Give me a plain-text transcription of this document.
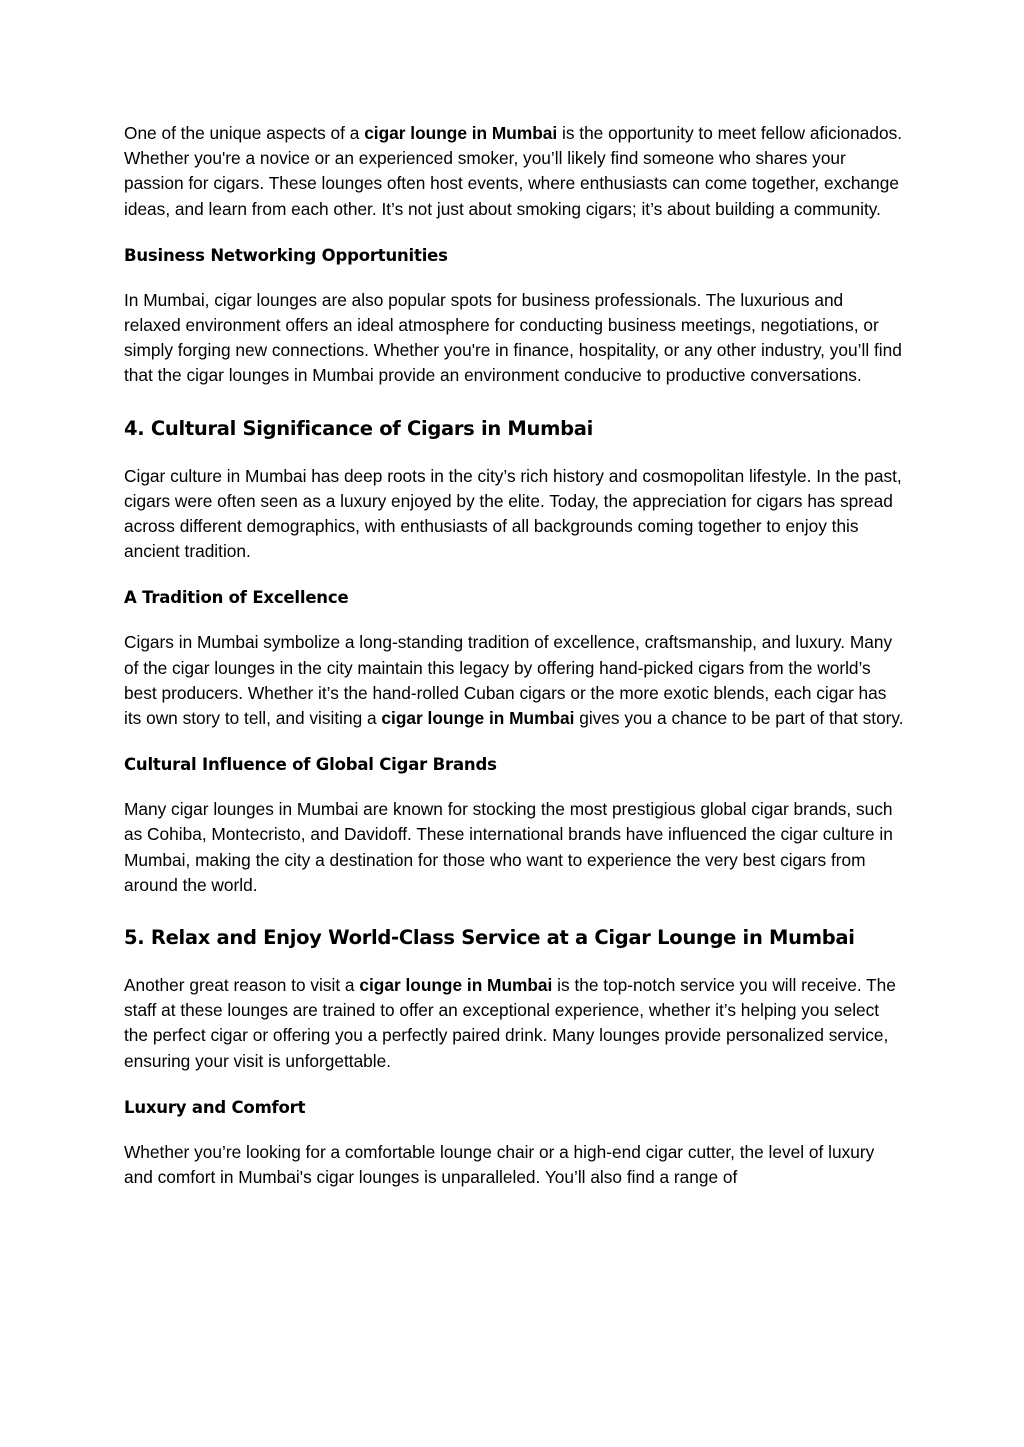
One of the unique aspects of a cigar lounge in Mumbai is the opportunity to meet fellow aficionados. Whether you're a novice or an experienced smoker, you’ll likely find someone who shares your passion for cigars. These lounges often host events, where enthusiasts can come together, exchange ideas, and learn from each other. It’s not just about smoking cigars; it’s about building a community.

Business Networking Opportunities

In Mumbai, cigar lounges are also popular spots for business professionals. The luxurious and relaxed environment offers an ideal atmosphere for conducting business meetings, negotiations, or simply forging new connections. Whether you're in finance, hospitality, or any other industry, you’ll find that the cigar lounges in Mumbai provide an environment conducive to productive conversations.

4. Cultural Significance of Cigars in Mumbai

Cigar culture in Mumbai has deep roots in the city’s rich history and cosmopolitan lifestyle. In the past, cigars were often seen as a luxury enjoyed by the elite. Today, the appreciation for cigars has spread across different demographics, with enthusiasts of all backgrounds coming together to enjoy this ancient tradition.

A Tradition of Excellence

Cigars in Mumbai symbolize a long-standing tradition of excellence, craftsmanship, and luxury. Many of the cigar lounges in the city maintain this legacy by offering hand-picked cigars from the world’s best producers. Whether it’s the hand-rolled Cuban cigars or the more exotic blends, each cigar has its own story to tell, and visiting a cigar lounge in Mumbai gives you a chance to be part of that story.

Cultural Influence of Global Cigar Brands

Many cigar lounges in Mumbai are known for stocking the most prestigious global cigar brands, such as Cohiba, Montecristo, and Davidoff. These international brands have influenced the cigar culture in Mumbai, making the city a destination for those who want to experience the very best cigars from around the world.

5. Relax and Enjoy World-Class Service at a Cigar Lounge in Mumbai

Another great reason to visit a cigar lounge in Mumbai is the top-notch service you will receive. The staff at these lounges are trained to offer an exceptional experience, whether it’s helping you select the perfect cigar or offering you a perfectly paired drink. Many lounges provide personalized service, ensuring your visit is unforgettable.

Luxury and Comfort

Whether you’re looking for a comfortable lounge chair or a high-end cigar cutter, the level of luxury and comfort in Mumbai's cigar lounges is unparalleled. You’ll also find a range of
